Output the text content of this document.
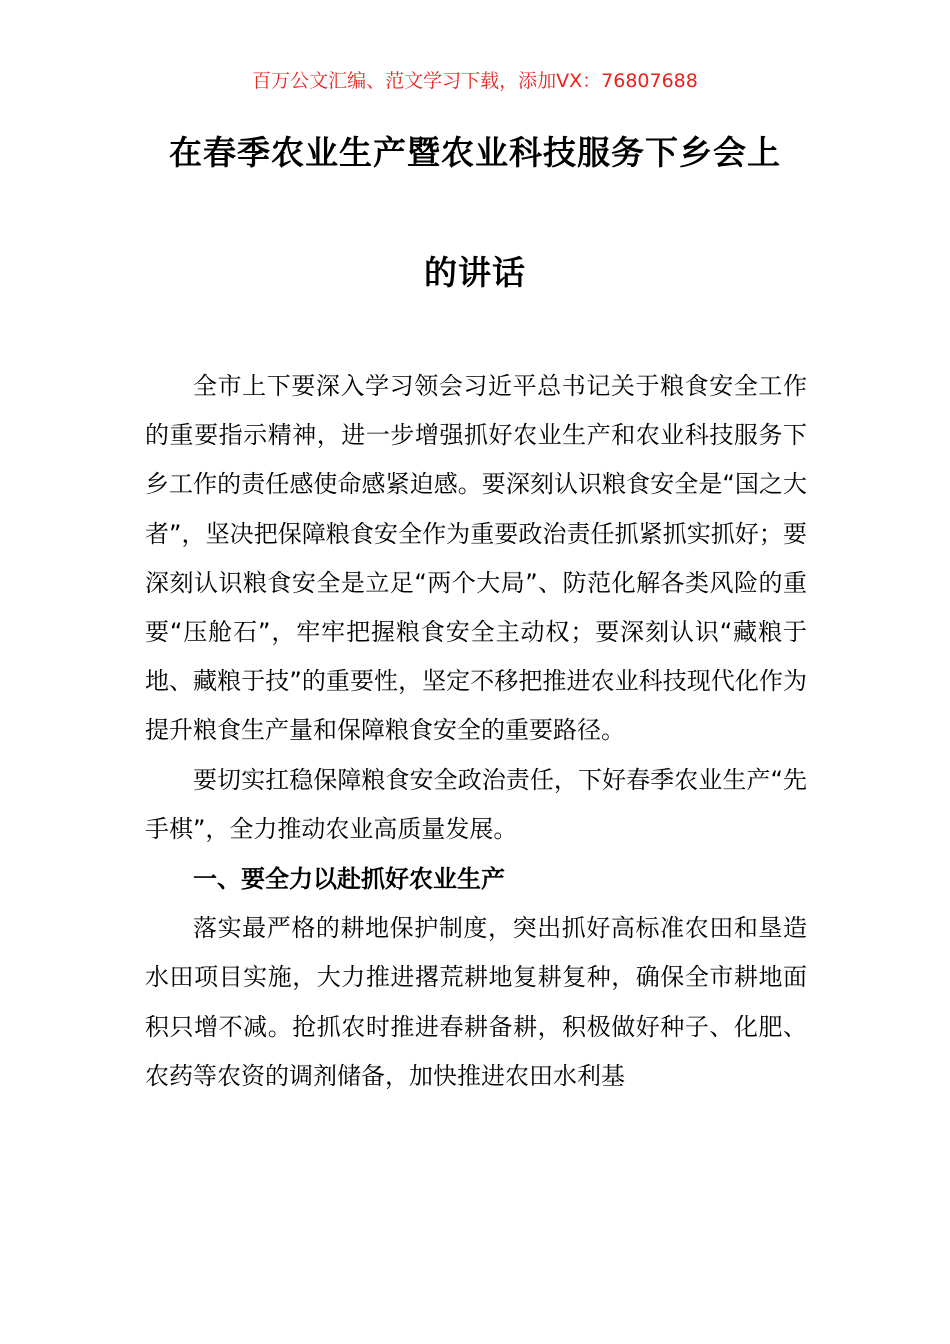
百万公文汇编、范文学习下载，添加VX：76807688
在春季农业生产暨农业科技服务下乡会上
的讲话

全市上下要深入学习领会习近平总书记关于粮食安全工作的重要指示精神，进一步增强抓好农业生产和农业科技服务下乡工作的责任感使命感紧迫感。要深刻认识粮食安全是“国之大者”，坚决把保障粮食安全作为重要政治责任抓紧抓实抓好；要深刻认识粮食安全是立足“两个大局”、防范化解各类风险的重要“压舱石”，牢牢把握粮食安全主动权；要深刻认识“藏粮于地、藏粮于技”的重要性，坚定不移把推进农业科技现代化作为提升粮食生产量和保障粮食安全的重要路径。

要切实扛稳保障粮食安全政治责任，下好春季农业生产“先手棋”，全力推动农业高质量发展。

一、要全力以赴抓好农业生产

落实最严格的耕地保护制度，突出抓好高标准农田和垦造水田项目实施，大力推进撂荒耕地复耕复种，确保全市耕地面积只增不减。抢抓农时推进春耕备耕，积极做好种子、化肥、农药等农资的调剂储备，加快推进农田水利基
